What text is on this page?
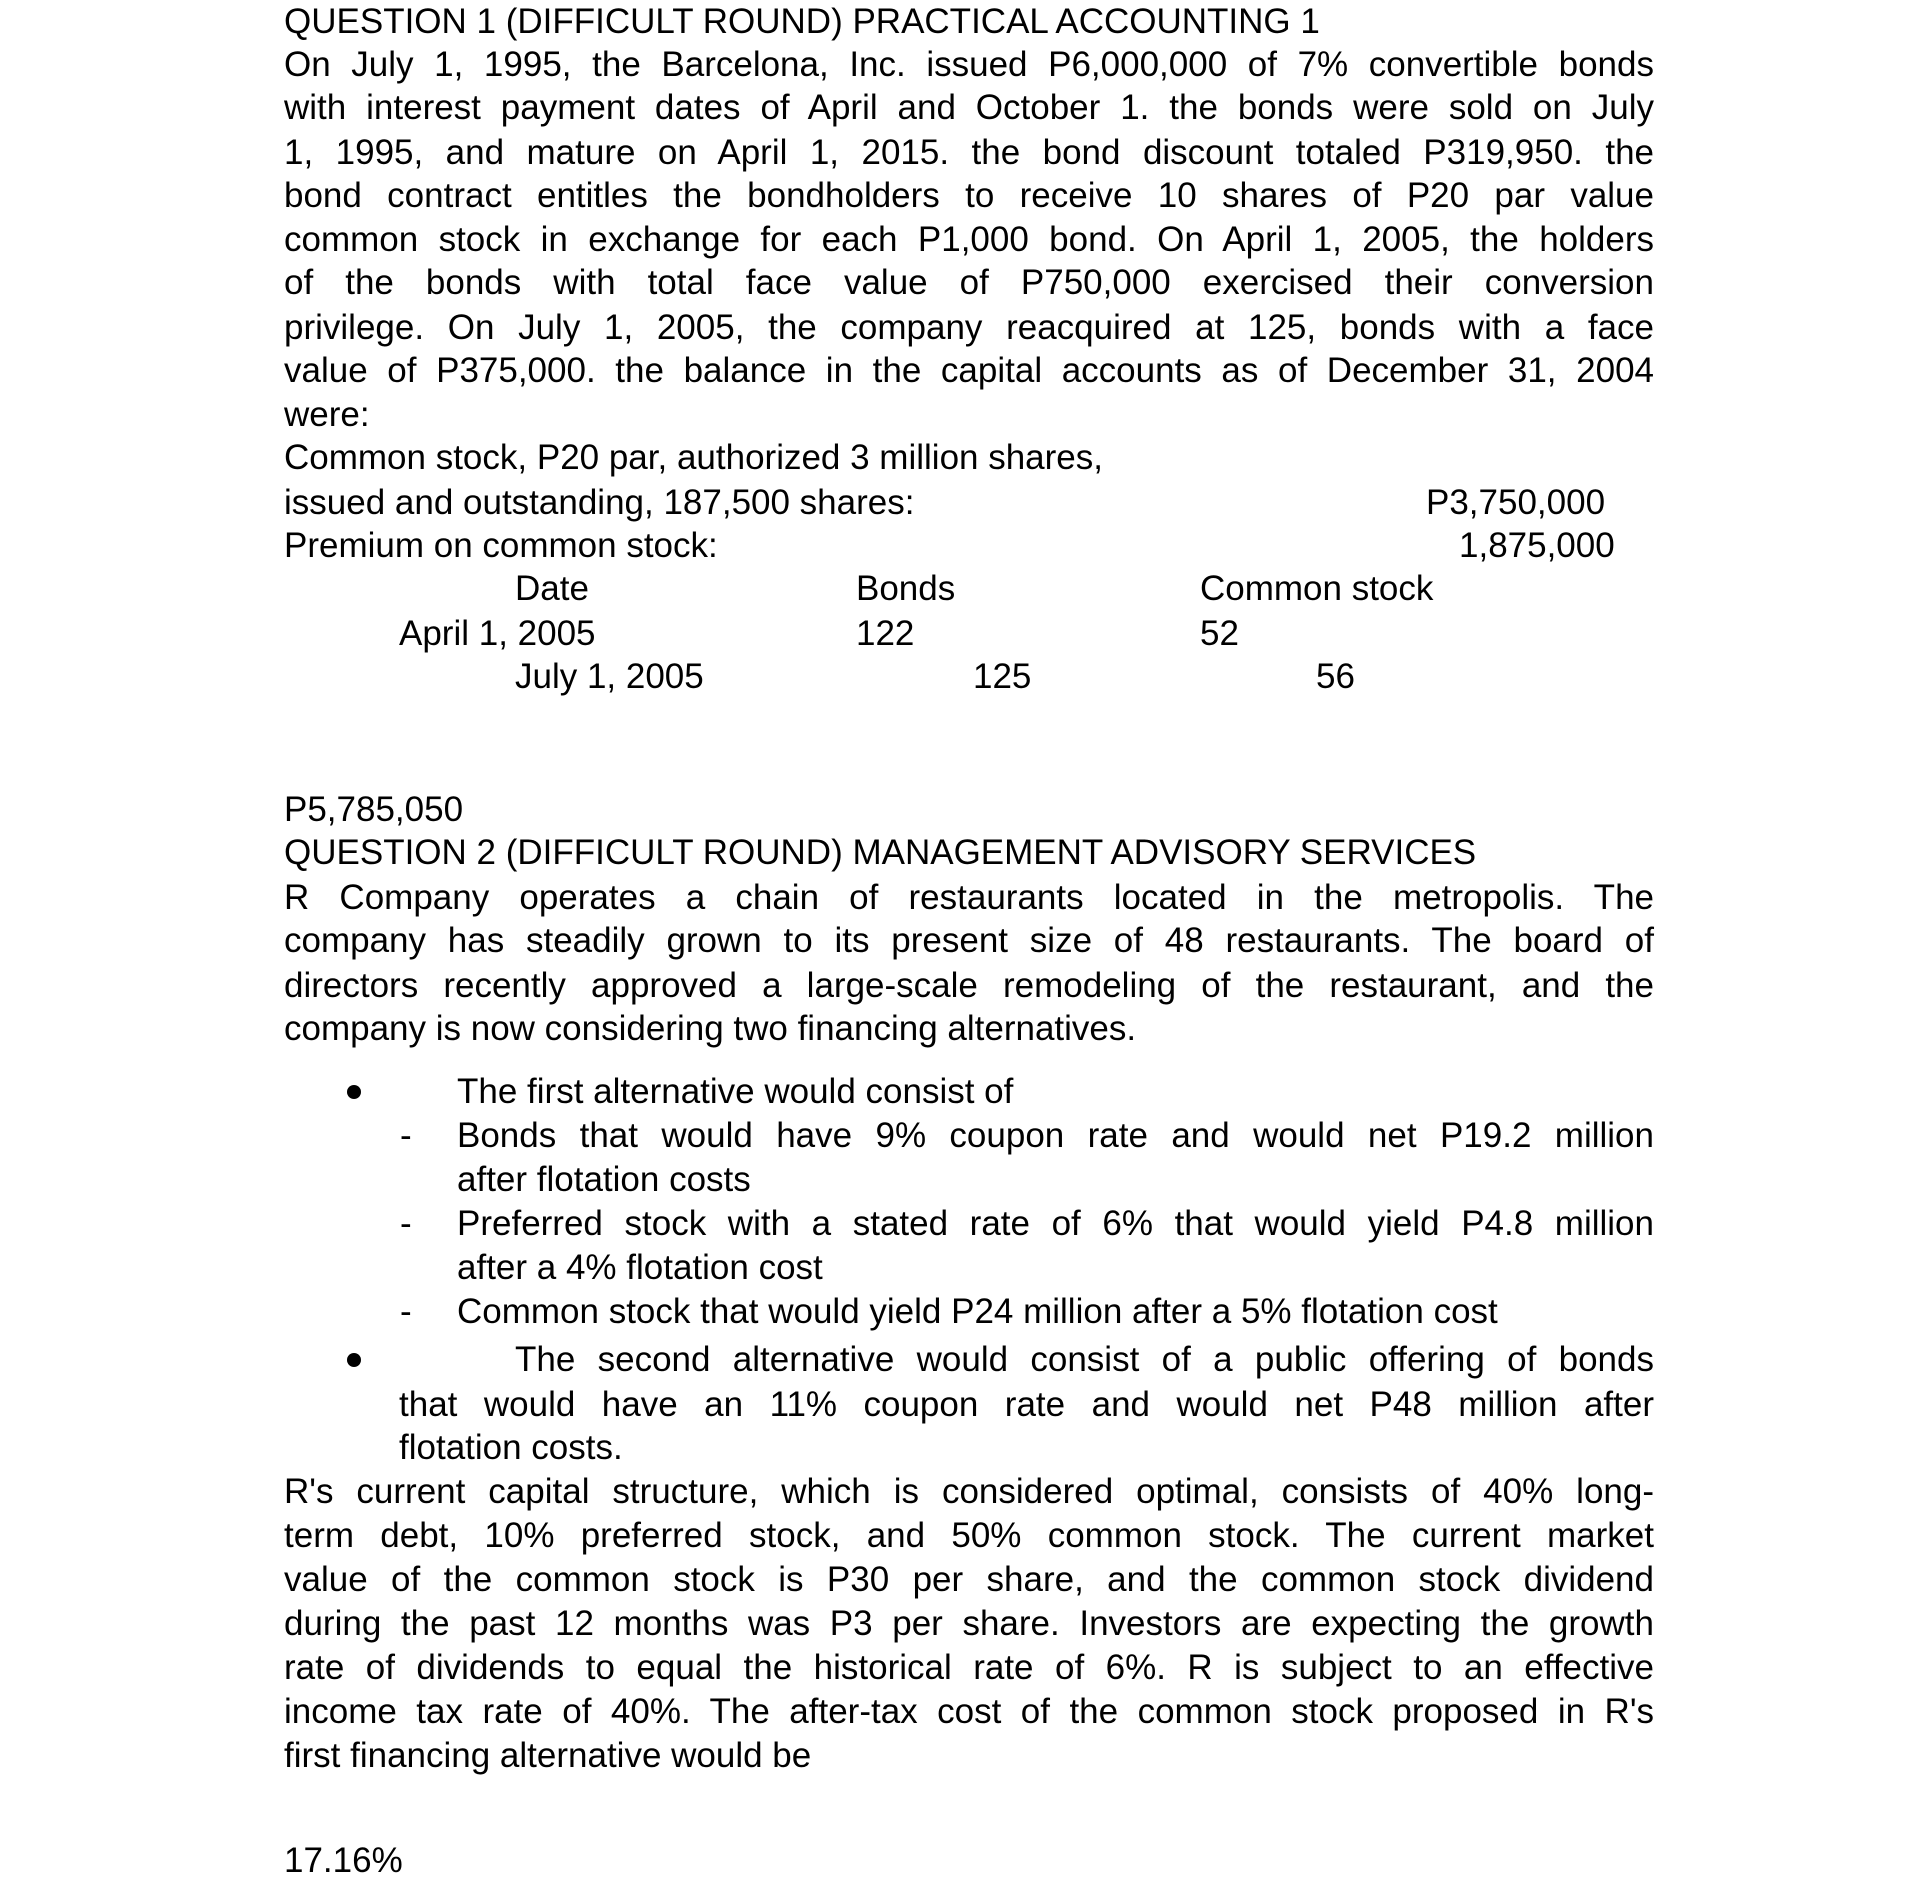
QUESTION 1 (DIFFICULT ROUND) PRACTICAL ACCOUNTING 1
On July 1, 1995, the Barcelona, Inc. issued P6,000,000 of 7% convertible bonds
with interest payment dates of April and October 1. the bonds were sold on July
1, 1995, and mature on April 1, 2015. the bond discount totaled P319,950. the
bond contract entitles the bondholders to receive 10 shares of P20 par value
common stock in exchange for each P1,000 bond. On April 1, 2005, the holders
of the bonds with total face value of P750,000 exercised their conversion
privilege. On July 1, 2005, the company reacquired at 125, bonds with a face
value of P375,000. the balance in the capital accounts as of December 31, 2004
were:
Common stock, P20 par, authorized 3 million shares,
issued and outstanding, 187,500 shares:	P3,750,000
Premium on common stock:	1,875,000
Date	Bonds	Common stock
April 1, 2005	122	52
July 1, 2005	125	56
P5,785,050
QUESTION 2 (DIFFICULT ROUND) MANAGEMENT ADVISORY SERVICES
R Company operates a chain of restaurants located in the metropolis. The
company has steadily grown to its present size of 48 restaurants. The board of
directors recently approved a large-scale remodeling of the restaurant, and the
company is now considering two financing alternatives.
The first alternative would consist of
- Bonds that would have 9% coupon rate and would net P19.2 million
after flotation costs
- Preferred stock with a stated rate of 6% that would yield P4.8 million
after a 4% flotation cost
- Common stock that would yield P24 million after a 5% flotation cost
The second alternative would consist of a public offering of bonds
that would have an 11% coupon rate and would net P48 million after
flotation costs.
R's current capital structure, which is considered optimal, consists of 40% long-
term debt, 10% preferred stock, and 50% common stock. The current market
value of the common stock is P30 per share, and the common stock dividend
during the past 12 months was P3 per share. Investors are expecting the growth
rate of dividends to equal the historical rate of 6%. R is subject to an effective
income tax rate of 40%. The after-tax cost of the common stock proposed in R's
first financing alternative would be
17.16%
